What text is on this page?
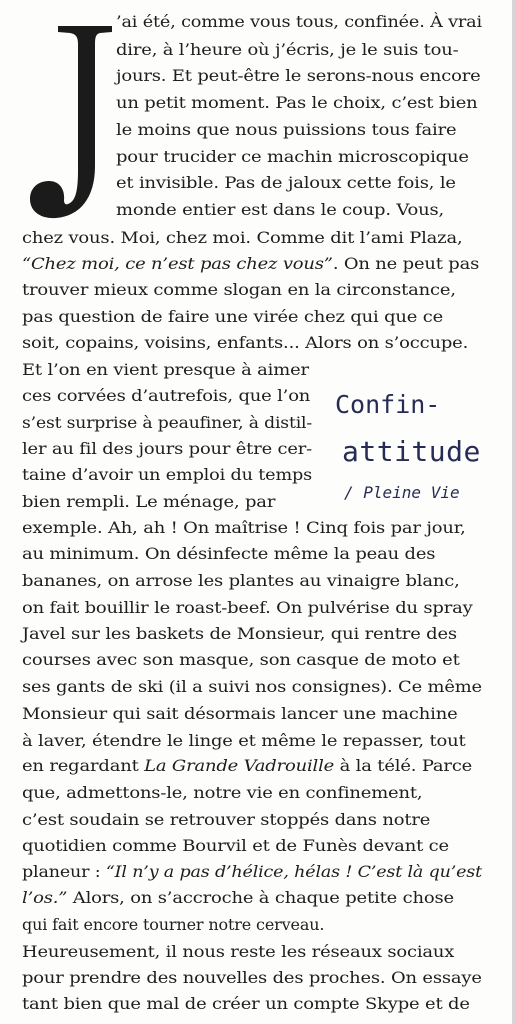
’ai été, comme vous tous, confinée. À vrai
dire, à l’heure où j’écris, je le suis tou-
jours. Et peut-être le serons-nous encore
un petit moment. Pas le choix, c’est bien
le moins que nous puissions tous faire
pour trucider ce machin microscopique
et invisible. Pas de jaloux cette fois, le
monde entier est dans le coup. Vous,
chez vous. Moi, chez moi. Comme dit l’ami Plaza,
“Chez moi, ce n’est pas chez vous”. On ne peut pas
trouver mieux comme slogan en la circonstance,
pas question de faire une virée chez qui que ce
soit, copains, voisins, enfants... Alors on s’occupe.
Et l’on en vient presque à aimer
ces corvées d’autrefois, que l’on
s’est surprise à peaufiner, à distil-
ler au fil des jours pour être cer-
taine d’avoir un emploi du temps
bien rempli. Le ménage, par
exemple. Ah, ah ! On maîtrise ! Cinq fois par jour,
au minimum. On désinfecte même la peau des
bananes, on arrose les plantes au vinaigre blanc,
on fait bouillir le roast-beef. On pulvérise du spray
Javel sur les baskets de Monsieur, qui rentre des
courses avec son masque, son casque de moto et
ses gants de ski (il a suivi nos consignes). Ce même
Monsieur qui sait désormais lancer une machine
à laver, étendre le linge et même le repasser, tout
en regardant La Grande Vadrouille à la télé. Parce
que, admettons-le, notre vie en confinement,
c’est soudain se retrouver stoppés dans notre
quotidien comme Bourvil et de Funès devant ce
planeur : “Il n’y a pas d’hélice, hélas ! C’est là qu’est
l’os.” Alors, on s’accroche à chaque petite chose
qui fait encore tourner notre cerveau.
Heureusement, il nous reste les réseaux sociaux
pour prendre des nouvelles des proches. On essaye
tant bien que mal de créer un compte Skype et de
Confin-
attitude
/ Pleine Vie
